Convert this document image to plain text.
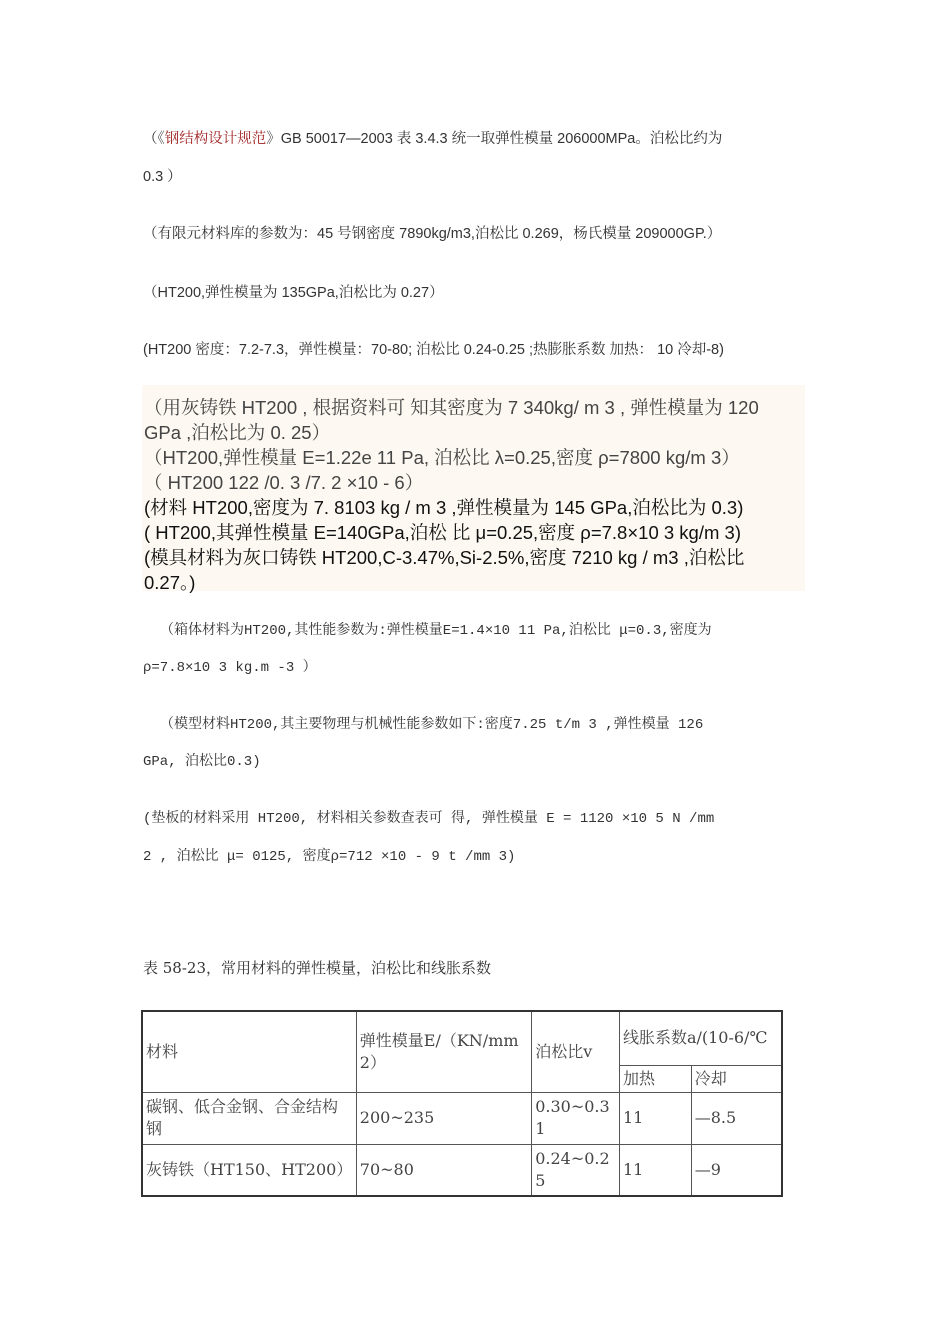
（《钢结构设计规范》GB 50017—2003 表 3.4.3 统一取弹性模量 206000MPa。泊松比约为
0.3 ）
（有限元材料库的参数为：45 号钢密度 7890kg/m3,泊松比 0.269，杨氏模量 209000GP.）
（HT200,弹性模量为 135GPa,泊松比为 0.27）
(HT200 密度：7.2-7.3，弹性模量：70-80; 泊松比 0.24-0.25 ;热膨胀系数 加热： 10 冷却-8)
（用灰铸铁 HT200 , 根据资料可 知其密度为 7 340kg/ m 3 , 弹性模量为 120
GPa ,泊松比为 0. 25）
（HT200,弹性模量 E=1.22e 11 Pa, 泊松比 λ=0.25,密度 ρ=7800 kg/m 3）
（ HT200 122 /0. 3 /7. 2 ×10 - 6）
(材料 HT200,密度为 7. 8103 kg / m 3 ,弹性模量为 145 GPa,泊松比为 0.3)
( HT200,其弹性模量 E=140GPa,泊松 比 μ=0.25,密度 ρ=7.8×10 3 kg/m 3)
(模具材料为灰口铸铁 HT200,C-3.47%,Si-2.5%,密度 7210 kg / m3 ,泊松比
0.27。)
（箱体材料为HT200,其性能参数为:弹性模量E=1.4×10 11 Pa,泊松比 μ=0.3,密度为
ρ=7.8×10 3 kg.m -3 ）
（模型材料HT200,其主要物理与机械性能参数如下:密度7.25 t/m 3 ,弹性模量 126
GPa, 泊松比0.3)
(垫板的材料采用 HT200, 材料相关参数查表可 得, 弹性模量 E = 1120 ×10 5 N /mm
2 , 泊松比 μ= 0125, 密度ρ=712 ×10 - 9 t /mm 3)
表 58-23，常用材料的弹性模量，泊松比和线胀系数
材料	弹性模量E/（KN/mm2）	泊松比v	线胀系数a/(10-6/℃	
			加热	冷却
碳钢、低合金钢、合金结构钢	200~235	0.30~0.31	11	—8.5
灰铸铁（HT150、HT200）	70~80	0.24~0.25	11	—9
